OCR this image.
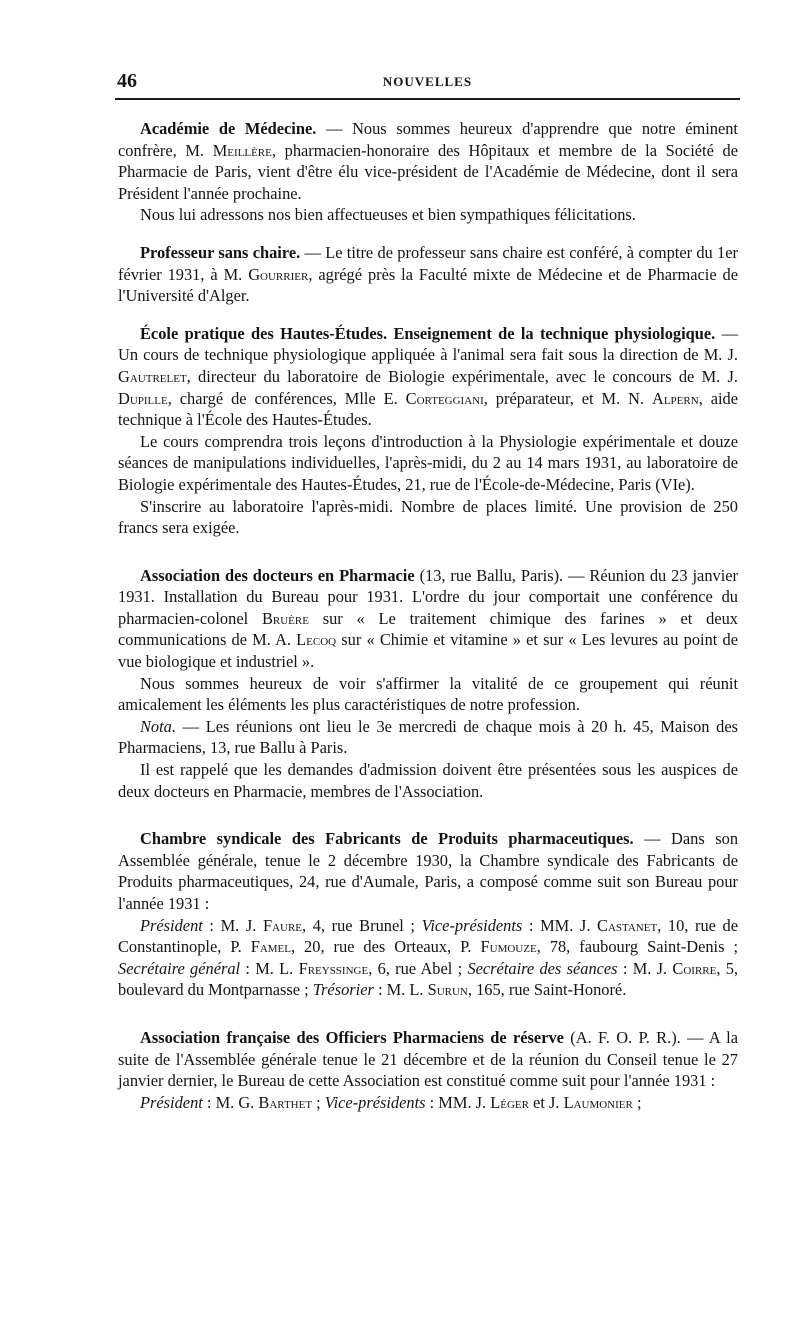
46	NOUVELLES

Académie de Médecine. — Nous sommes heureux d'apprendre que notre éminent confrère, M. Meillère, pharmacien-honoraire des Hôpitaux et membre de la Société de Pharmacie de Paris, vient d'être élu vice-président de l'Académie de Médecine, dont il sera Président l'année prochaine.

Nous lui adressons nos bien affectueuses et bien sympathiques félicitations.

Professeur sans chaire. — Le titre de professeur sans chaire est conféré, à compter du 1er février 1931, à M. Gourrier, agrégé près la Faculté mixte de Médecine et de Pharmacie de l'Université d'Alger.

École pratique des Hautes-Études. Enseignement de la technique physiologique. — Un cours de technique physiologique appliquée à l'animal sera fait sous la direction de M. J. Gautrelet, directeur du laboratoire de Biologie expérimentale, avec le concours de M. J. Dupille, chargé de conférences, Mlle E. Corteggiani, préparateur, et M. N. Alpern, aide technique à l'École des Hautes-Études.

Le cours comprendra trois leçons d'introduction à la Physiologie expérimentale et douze séances de manipulations individuelles, l'après-midi, du 2 au 14 mars 1931, au laboratoire de Biologie expérimentale des Hautes-Études, 21, rue de l'École-de-Médecine, Paris (VIe).

S'inscrire au laboratoire l'après-midi. Nombre de places limité. Une provision de 250 francs sera exigée.

Association des docteurs en Pharmacie (13, rue Ballu, Paris). — Réunion du 23 janvier 1931. Installation du Bureau pour 1931. L'ordre du jour comportait une conférence du pharmacien-colonel Bruère sur « Le traitement chimique des farines » et deux communications de M. A. Lecoq sur « Chimie et vitamine » et sur « Les levures au point de vue biologique et industriel ».

Nous sommes heureux de voir s'affirmer la vitalité de ce groupement qui réunit amicalement les éléments les plus caractéristiques de notre profession.

Nota. — Les réunions ont lieu le 3e mercredi de chaque mois à 20 h. 45, Maison des Pharmaciens, 13, rue Ballu à Paris.

Il est rappelé que les demandes d'admission doivent être présentées sous les auspices de deux docteurs en Pharmacie, membres de l'Association.

Chambre syndicale des Fabricants de Produits pharmaceutiques. — Dans son Assemblée générale, tenue le 2 décembre 1930, la Chambre syndicale des Fabricants de Produits pharmaceutiques, 24, rue d'Aumale, Paris, a composé comme suit son Bureau pour l'année 1931 :

Président : M. J. Faure, 4, rue Brunel ; Vice-présidents : MM. J. Castanet, 10, rue de Constantinople, P. Famel, 20, rue des Orteaux, P. Fumouze, 78, faubourg Saint-Denis ; Secrétaire général : M. L. Freyssinge, 6, rue Abel ; Secrétaire des séances : M. J. Coirre, 5, boulevard du Montparnasse ; Trésorier : M. L. Surun, 165, rue Saint-Honoré.

Association française des Officiers Pharmaciens de réserve (A. F. O. P. R.). — A la suite de l'Assemblée générale tenue le 21 décembre et de la réunion du Conseil tenue le 27 janvier dernier, le Bureau de cette Association est constitué comme suit pour l'année 1931 :

Président : M. G. Barthet ; Vice-présidents : MM. J. Léger et J. Laumonier ;
